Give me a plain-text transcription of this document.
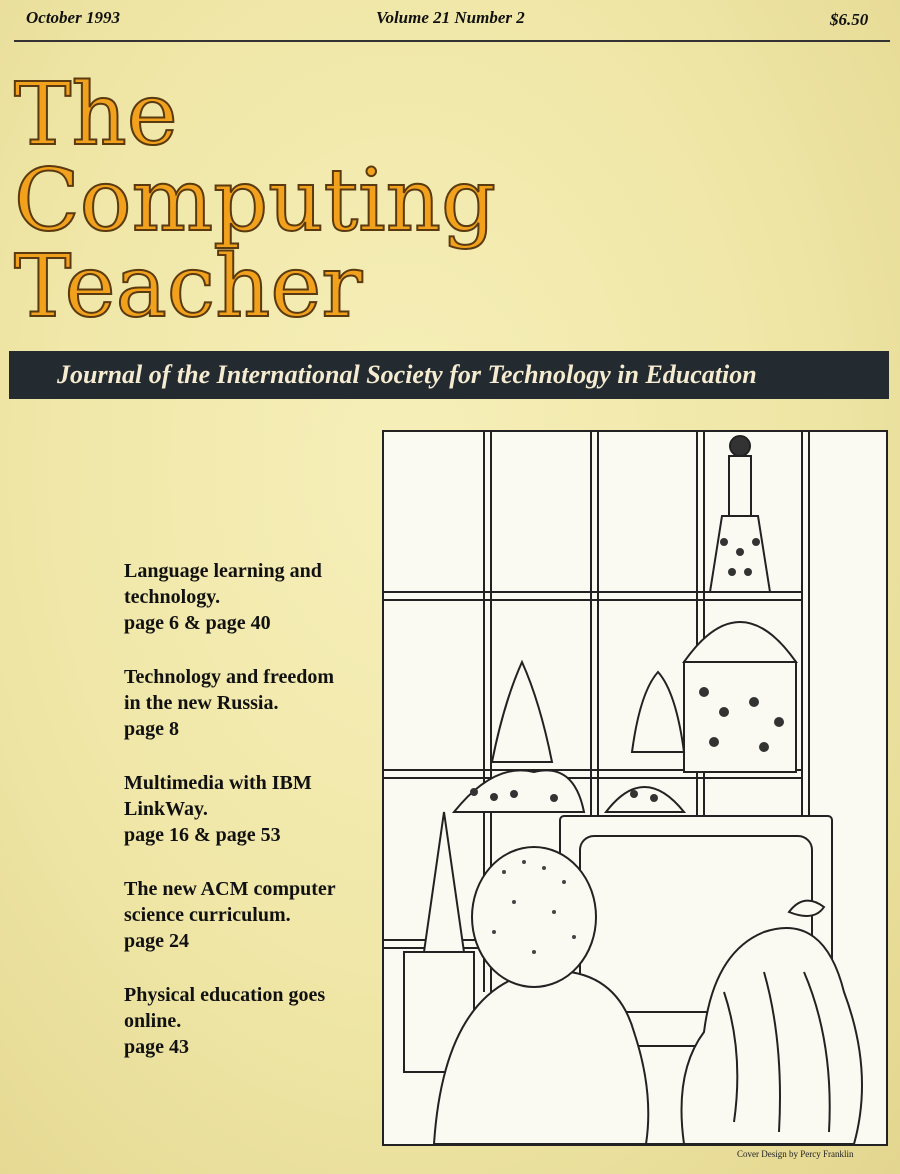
October 1993	Volume 21 Number 2	$6.50
The
Computing
Teacher
Journal of the International Society for Technology in Education
Language learning and
technology.
page 6 & page 40
Technology and freedom
in the new Russia.
page 8
Multimedia with IBM
LinkWay.
page 16 & page 53
The new ACM computer
science curriculum.
page 24
Physical education goes
online.
page 43
Cover Design by Percy Franklin
